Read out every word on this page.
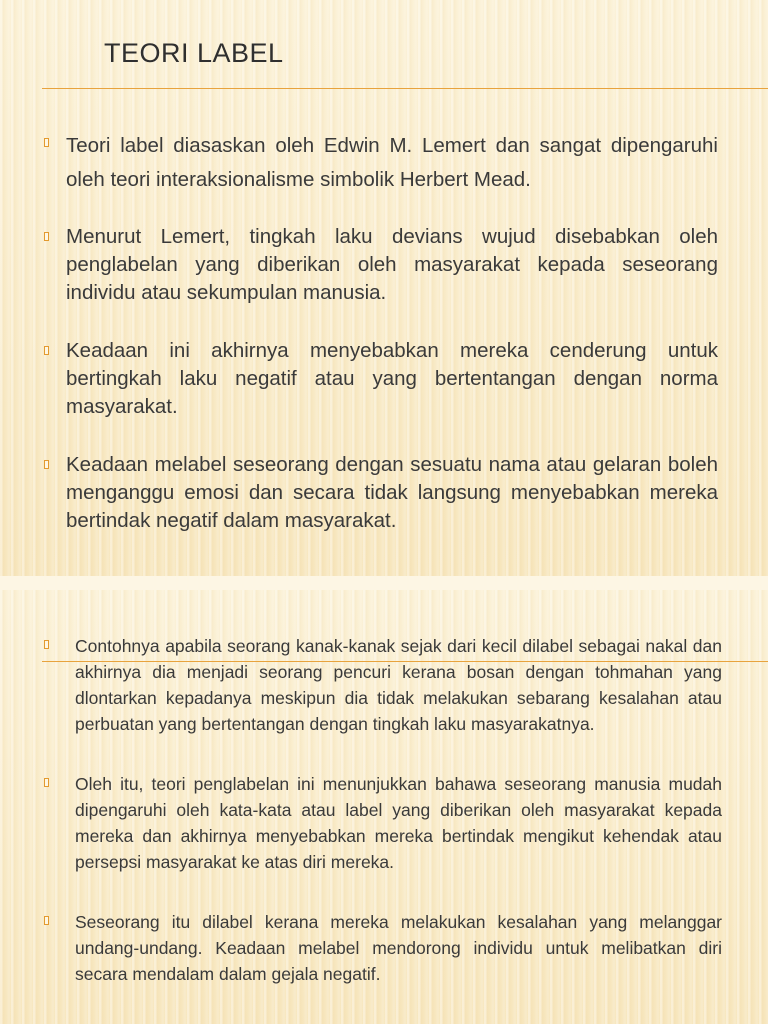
TEORI LABEL
Teori label diasaskan oleh Edwin M. Lemert dan sangat dipengaruhi oleh teori interaksionalisme simbolik Herbert Mead.
Menurut Lemert, tingkah laku devians wujud disebabkan oleh penglabelan yang diberikan oleh masyarakat kepada seseorang individu atau sekumpulan manusia.
Keadaan ini akhirnya menyebabkan mereka cenderung untuk bertingkah laku negatif atau yang bertentangan dengan norma masyarakat.
Keadaan melabel seseorang dengan sesuatu nama atau gelaran boleh menganggu emosi dan secara tidak langsung menyebabkan mereka bertindak negatif dalam masyarakat.
Contohnya apabila seorang kanak-kanak sejak dari kecil dilabel sebagai nakal dan akhirnya dia menjadi seorang pencuri kerana bosan dengan tohmahan yang dlontarkan kepadanya meskipun dia tidak melakukan sebarang kesalahan atau perbuatan yang bertentangan dengan tingkah laku masyarakatnya.
Oleh itu, teori penglabelan ini menunjukkan bahawa seseorang manusia mudah dipengaruhi oleh kata-kata atau label yang diberikan oleh masyarakat kepada mereka dan akhirnya menyebabkan mereka bertindak mengikut kehendak atau persepsi masyarakat ke atas diri mereka.
Seseorang itu dilabel kerana mereka melakukan kesalahan yang melanggar undang-undang. Keadaan melabel mendorong individu untuk melibatkan diri secara mendalam dalam gejala negatif.
